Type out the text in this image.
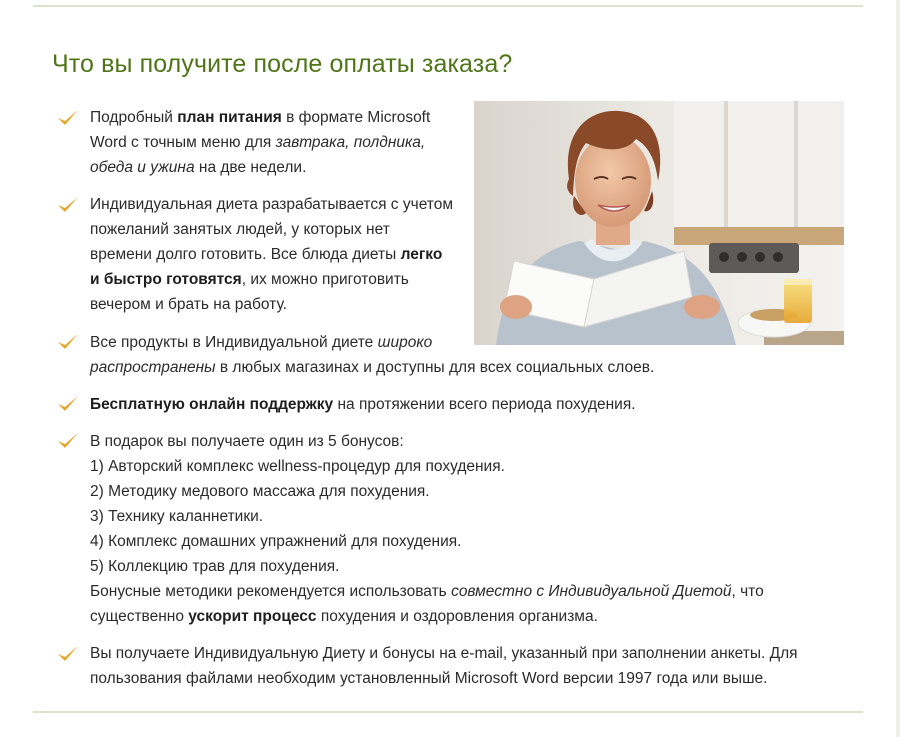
Что вы получите после оплаты заказа?

Подробный план питания в формате Microsoft

Word с точным меню для завтрака, полдника,

обеда и ужина на две недели.

Индивидуальная диета разрабатывается с учетом

пожеланий занятых людей, у которых нет

времени долго готовить. Все блюда диеты легко

и быстро готовятся, их можно приготовить

вечером и брать на работу.

Все продукты в Индивидуальной диете широко

распространены в любых магазинах и доступны для всех социальных слоев.

Бесплатную онлайн поддержку на протяжении всего периода похудения.

В подарок вы получаете один из 5 бонусов:

1) Авторский комплекс wellness-процедур для похудения.

2) Методику медового массажа для похудения.

3) Технику каланнетики.

4) Комплекс домашних упражнений для похудения.

5) Коллекцию трав для похудения.

Бонусные методики рекомендуется использовать совместно с Индивидуальной Диетой, что

существенно ускорит процесс похудения и оздоровления организма.

Вы получаете Индивидуальную Диету и бонусы на e-mail, указанный при заполнении анкеты. Для

пользования файлами необходим установленный Microsoft Word версии 1997 года или выше.
